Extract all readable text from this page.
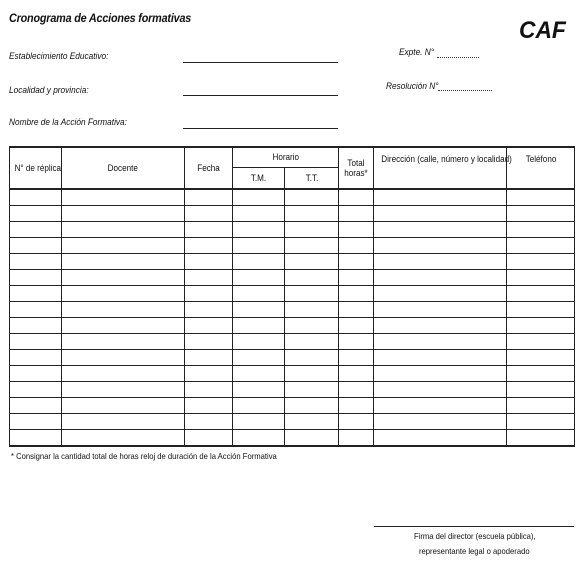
Cronograma de Acciones formativas	CAF
Establecimiento Educativo:
Localidad y provincia:
Nombre de la Acción Formativa:
Expte. N°
Resolución N°
N° de réplica	Docente	Fecha	Horario		Total horas*	Dirección (calle, número y localidad)	Teléfono
			T.M.	T.T.			

* Consignar la cantidad total de horas reloj de duración de la Acción Formativa
Firma del director (escuela pública),
representante legal o apoderado
